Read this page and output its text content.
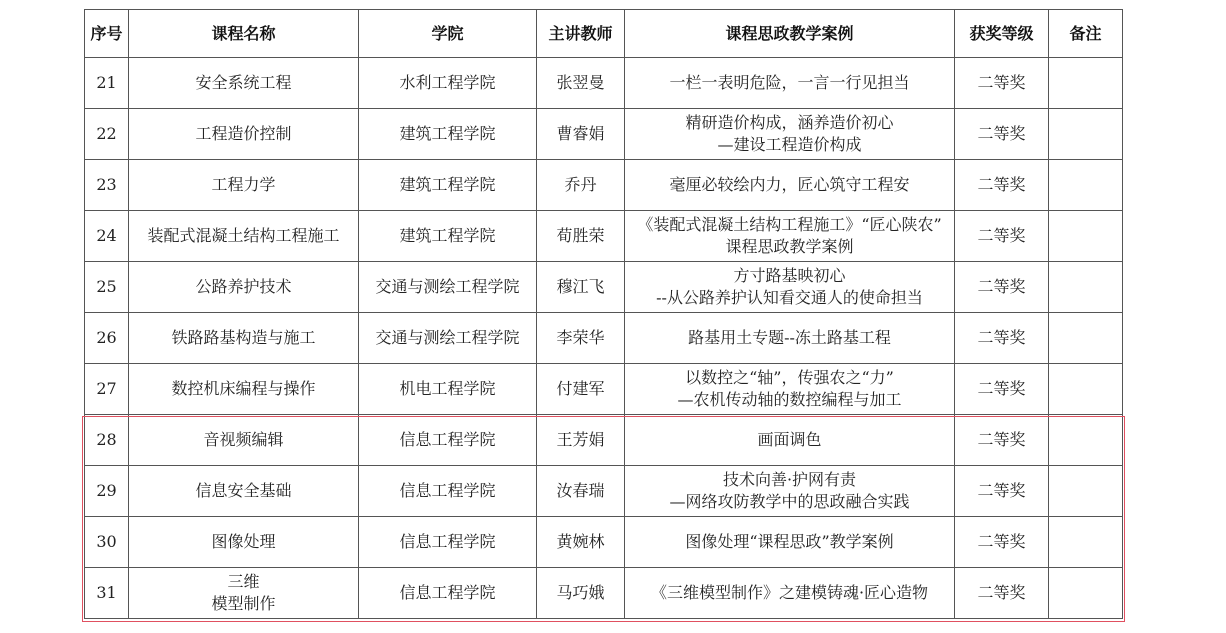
序号	课程名称	学院	主讲教师	课程思政教学案例	获奖等级	备注
21	安全系统工程	水利工程学院	张翌曼	一栏一表明危险，一言一行见担当	二等奖	
22	工程造价控制	建筑工程学院	曹睿娟	精研造价构成，涵养造价初心
—建设工程造价构成	二等奖	
23	工程力学	建筑工程学院	乔丹	毫厘必较绘内力，匠心筑守工程安	二等奖	
24	装配式混凝土结构工程施工	建筑工程学院	荀胜荣	《装配式混凝土结构工程施工》“匠心陕农”
课程思政教学案例	二等奖	
25	公路养护技术	交通与测绘工程学院	穆江飞	方寸路基映初心
--从公路养护认知看交通人的使命担当	二等奖	
26	铁路路基构造与施工	交通与测绘工程学院	李荣华	路基用土专题--冻土路基工程	二等奖	
27	数控机床编程与操作	机电工程学院	付建军	以数控之“轴”，传强农之“力”
—农机传动轴的数控编程与加工	二等奖	
28	音视频编辑	信息工程学院	王芳娟	画面调色	二等奖	
29	信息安全基础	信息工程学院	汝春瑞	技术向善·护网有责
—网络攻防教学中的思政融合实践	二等奖	
30	图像处理	信息工程学院	黄婉林	图像处理“课程思政”教学案例	二等奖	
31	三维
模型制作	信息工程学院	马巧娥	《三维模型制作》之建模铸魂·匠心造物	二等奖	
